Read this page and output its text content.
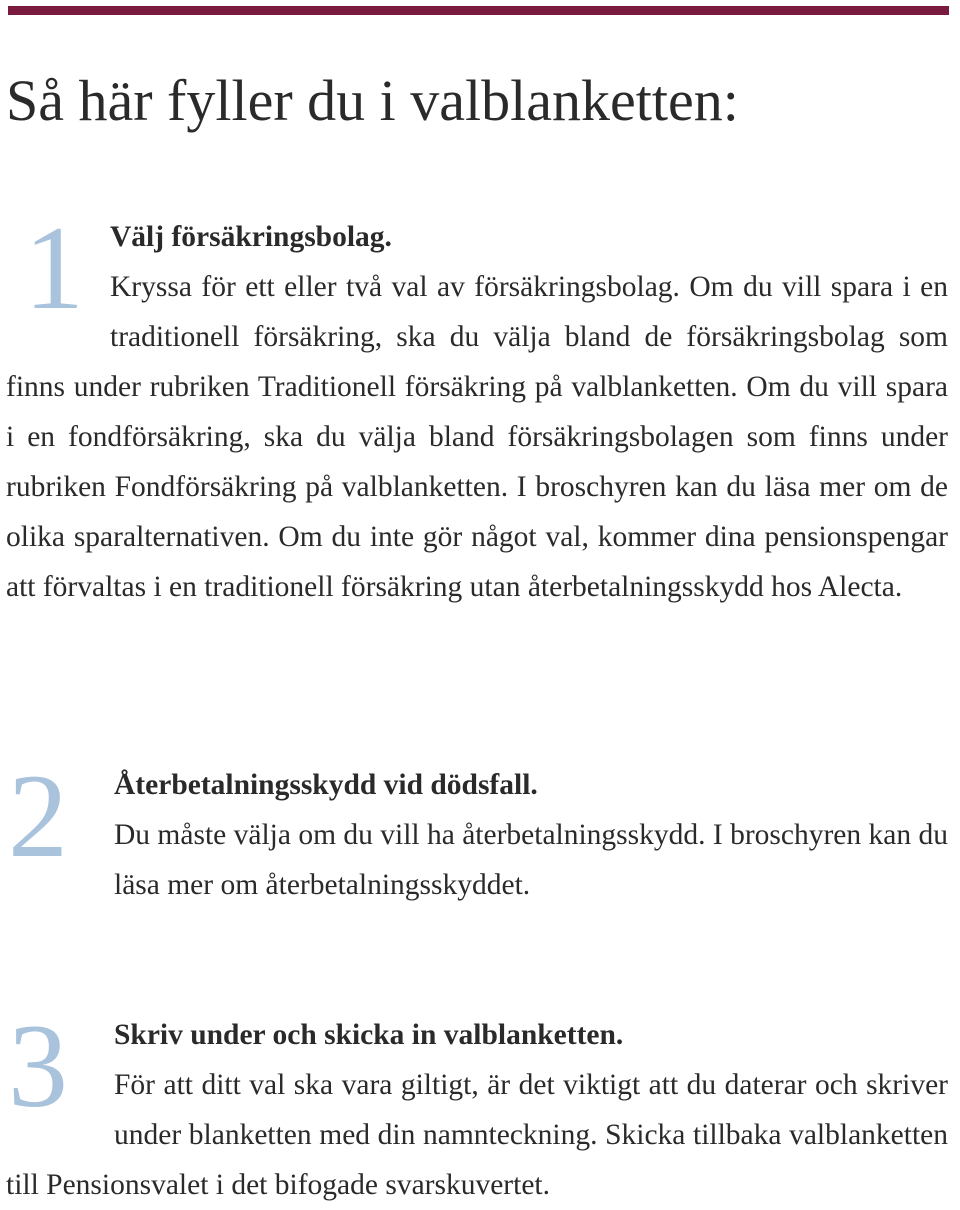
Så här fyller du i valblanketten:
1 Välj försäkringsbolag.
Kryssa för ett eller två val av försäkringsbolag. Om du vill spara i en traditionell försäkring, ska du välja bland de försäkringsbolag som finns under rubriken Traditionell försäkring på valblanketten. Om du vill spara i en fondförsäkring, ska du välja bland försäkringsbolagen som finns under rubriken Fondförsäkring på valblanketten. I broschyren kan du läsa mer om de olika sparalternativen. Om du inte gör något val, kommer dina pensionspengar att förvaltas i en traditionell försäkring utan återbetalningsskydd hos Alecta.
2	Återbetalningsskydd vid dödsfall.
Du måste välja om du vill ha återbetalningsskydd. I broschyren kan du läsa mer om återbetalningsskyddet.
3	Skriv under och skicka in valblanketten.
För att ditt val ska vara giltigt, är det viktigt att du daterar och skriver under blanketten med din namnteckning. Skicka tillbaka valblanketten till Pensionsvalet i det bifogade svarskuvertet.
